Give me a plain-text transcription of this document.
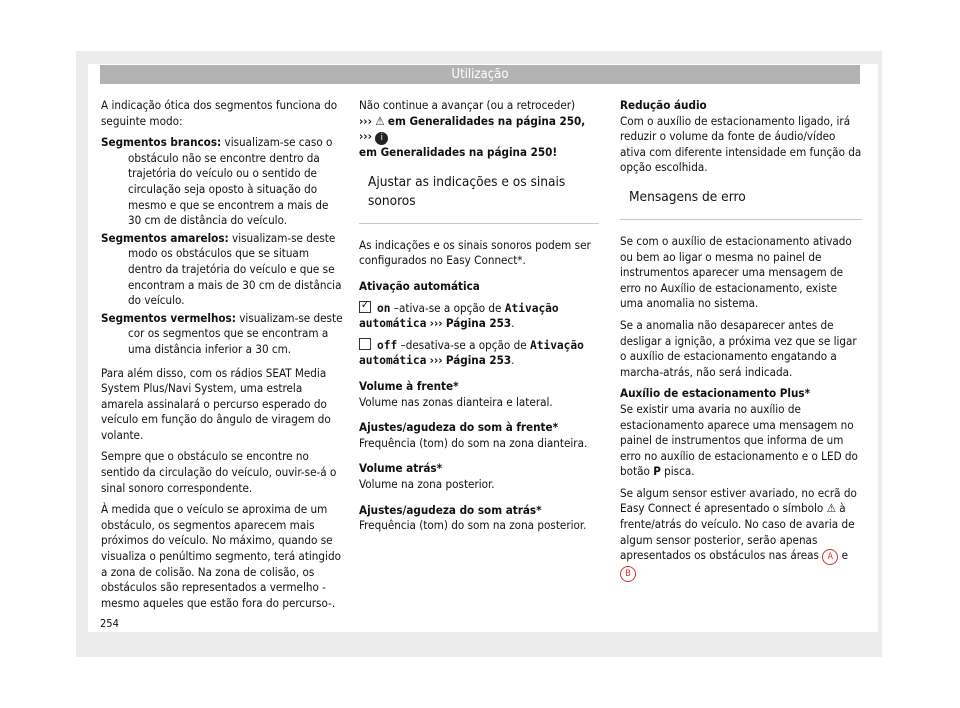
Utilização

A indicação ótica dos segmentos funciona do seguinte modo:

Segmentos brancos: visualizam-se caso o obstáculo não se encontre dentro da trajetória do veículo ou o sentido de circulação seja oposto à situação do mesmo e que se encontrem a mais de 30 cm de distância do veículo.

Segmentos amarelos: visualizam-se deste modo os obstáculos que se situam dentro da trajetória do veículo e que se encontram a mais de 30 cm de distância do veículo.

Segmentos vermelhos: visualizam-se deste cor os segmentos que se encontram a uma distância inferior a 30 cm.

Para além disso, com os rádios SEAT Media System Plus/Navi System, uma estrela amarela assinalará o percurso esperado do veículo em função do ângulo de viragem do volante.

Sempre que o obstáculo se encontre no sentido da circulação do veículo, ouvir-se-á o sinal sonoro correspondente.

À medida que o veículo se aproxima de um obstáculo, os segmentos aparecem mais próximos do veículo. No máximo, quando se visualiza o penúltimo segmento, terá atingido a zona de colisão. Na zona de colisão, os obstáculos são representados a vermelho - mesmo aqueles que estão fora do percurso-.

Não continue a avançar (ou a retroceder)
››› ⚠ em Generalidades na página 250, ››› i
em Generalidades na página 250!

Ajustar as indicações e os sinais sonoros

As indicações e os sinais sonoros podem ser configurados no Easy Connect*.

Ativação automática

✓ on –ativa-se a opção de Ativação automática ››› Página 253.

off –desativa-se a opção de Ativação automática ››› Página 253.

Volume à frente*

Volume nas zonas dianteira e lateral.

Ajustes/agudeza do som à frente*

Frequência (tom) do som na zona dianteira.

Volume atrás*

Volume na zona posterior.

Ajustes/agudeza do som atrás*

Frequência (tom) do som na zona posterior.

Redução áudio

Com o auxílio de estacionamento ligado, irá reduzir o volume da fonte de áudio/vídeo ativa com diferente intensidade em função da opção escolhida.

Mensagens de erro

Se com o auxílio de estacionamento ativado ou bem ao ligar o mesma no painel de instrumentos aparecer uma mensagem de erro no Auxílio de estacionamento, existe uma anomalia no sistema.

Se a anomalia não desaparecer antes de desligar a ignição, a próxima vez que se ligar o auxílio de estacionamento engatando a marcha-atrás, não será indicada.

Auxílio de estacionamento Plus*

Se existir uma avaria no auxílio de estacionamento aparece uma mensagem no painel de instrumentos que informa de um erro no auxílio de estacionamento e o LED do botão P pisca.

Se algum sensor estiver avariado, no ecrã do Easy Connect é apresentado o símbolo ⚠ à frente/atrás do veículo. No caso de avaria de algum sensor posterior, serão apenas apresentados os obstáculos nas áreas A e B

254
